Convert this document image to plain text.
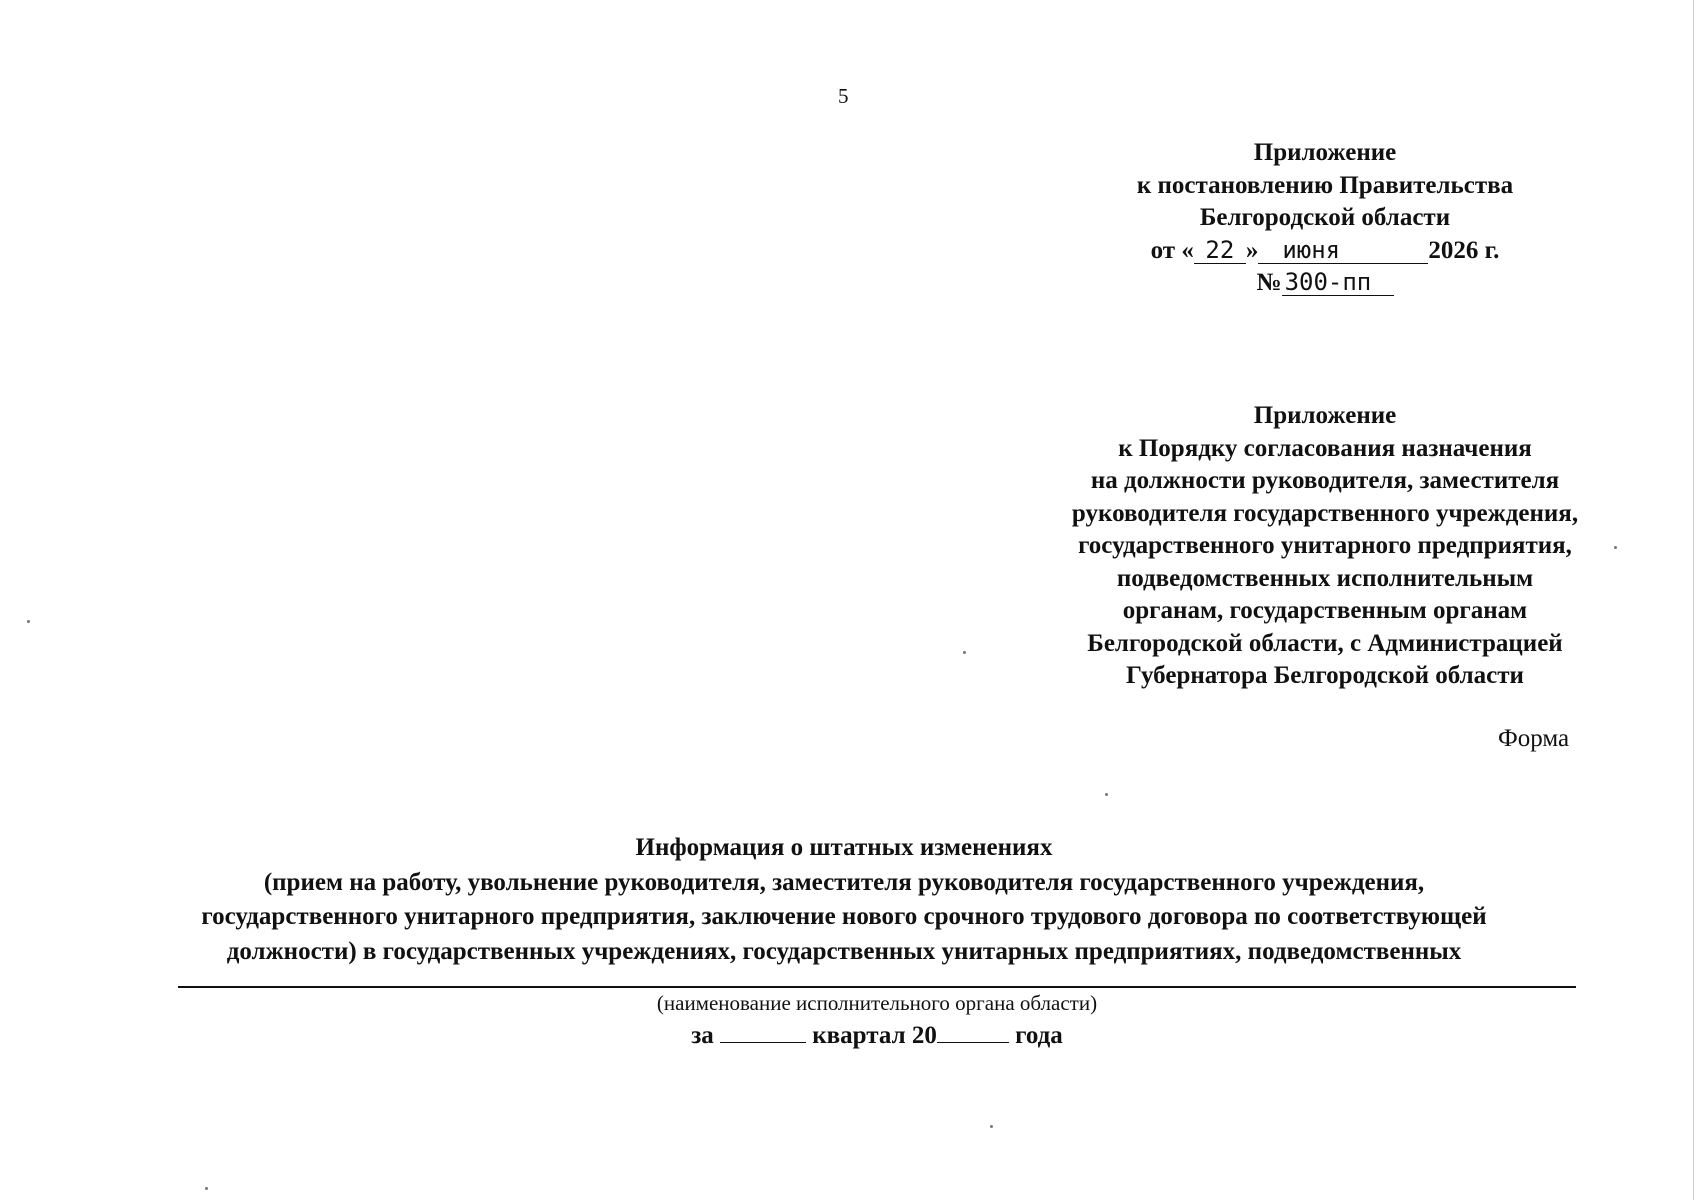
5
Приложение
к постановлению Правительства
Белгородской области
от « 22 » июня	2026 г.
№ 300-пп
Приложение
к Порядку согласования назначения
на должности руководителя, заместителя
руководителя государственного учреждения,
государственного унитарного предприятия,
подведомственных исполнительным
органам, государственным органам
Белгородской области, с Администрацией
Губернатора Белгородской области
Форма
Информация о штатных изменениях
(прием на работу, увольнение руководителя, заместителя руководителя государственного учреждения,
государственного унитарного предприятия, заключение нового срочного трудового договора по соответствующей
должности) в государственных учреждениях, государственных унитарных предприятиях, подведомственных
(наименование исполнительного органа области)
за	квартал 20	года
